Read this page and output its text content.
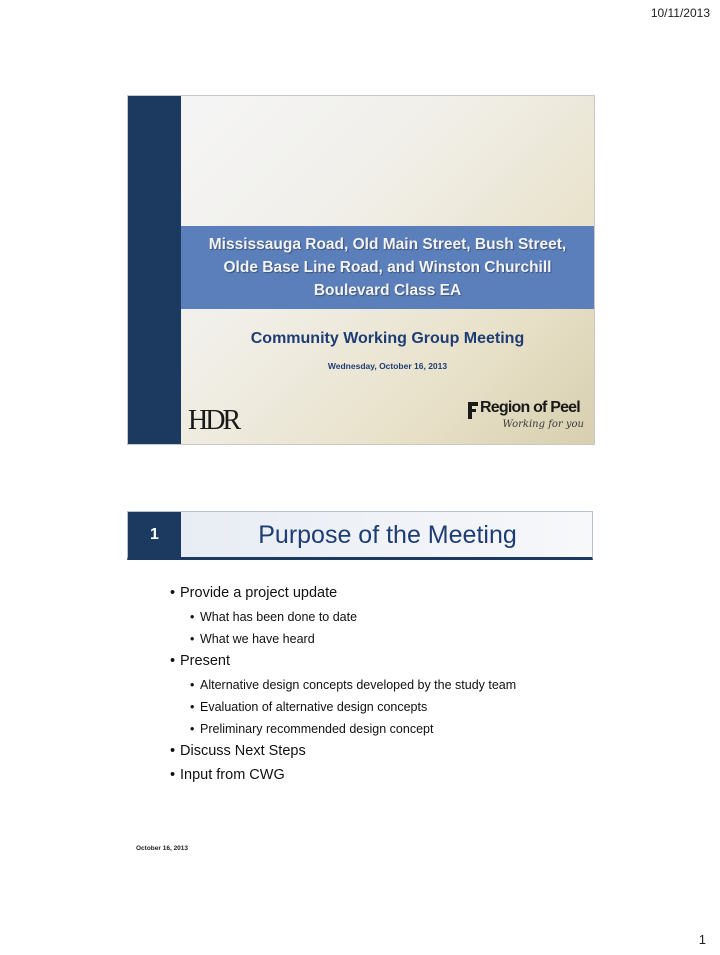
10/11/2013
Mississauga Road, Old Main Street, Bush Street, Olde Base Line Road, and Winston Churchill Boulevard Class EA
Community Working Group Meeting
Wednesday, October 16, 2013
HDR	Region of Peel
Working for you
1	Purpose of the Meeting
• Provide a project update
• What has been done to date
• What we have heard
• Present
• Alternative design concepts developed by the study team
• Evaluation of alternative design concepts
• Preliminary recommended design concept
• Discuss Next Steps
• Input from CWG
October 16, 2013
1
